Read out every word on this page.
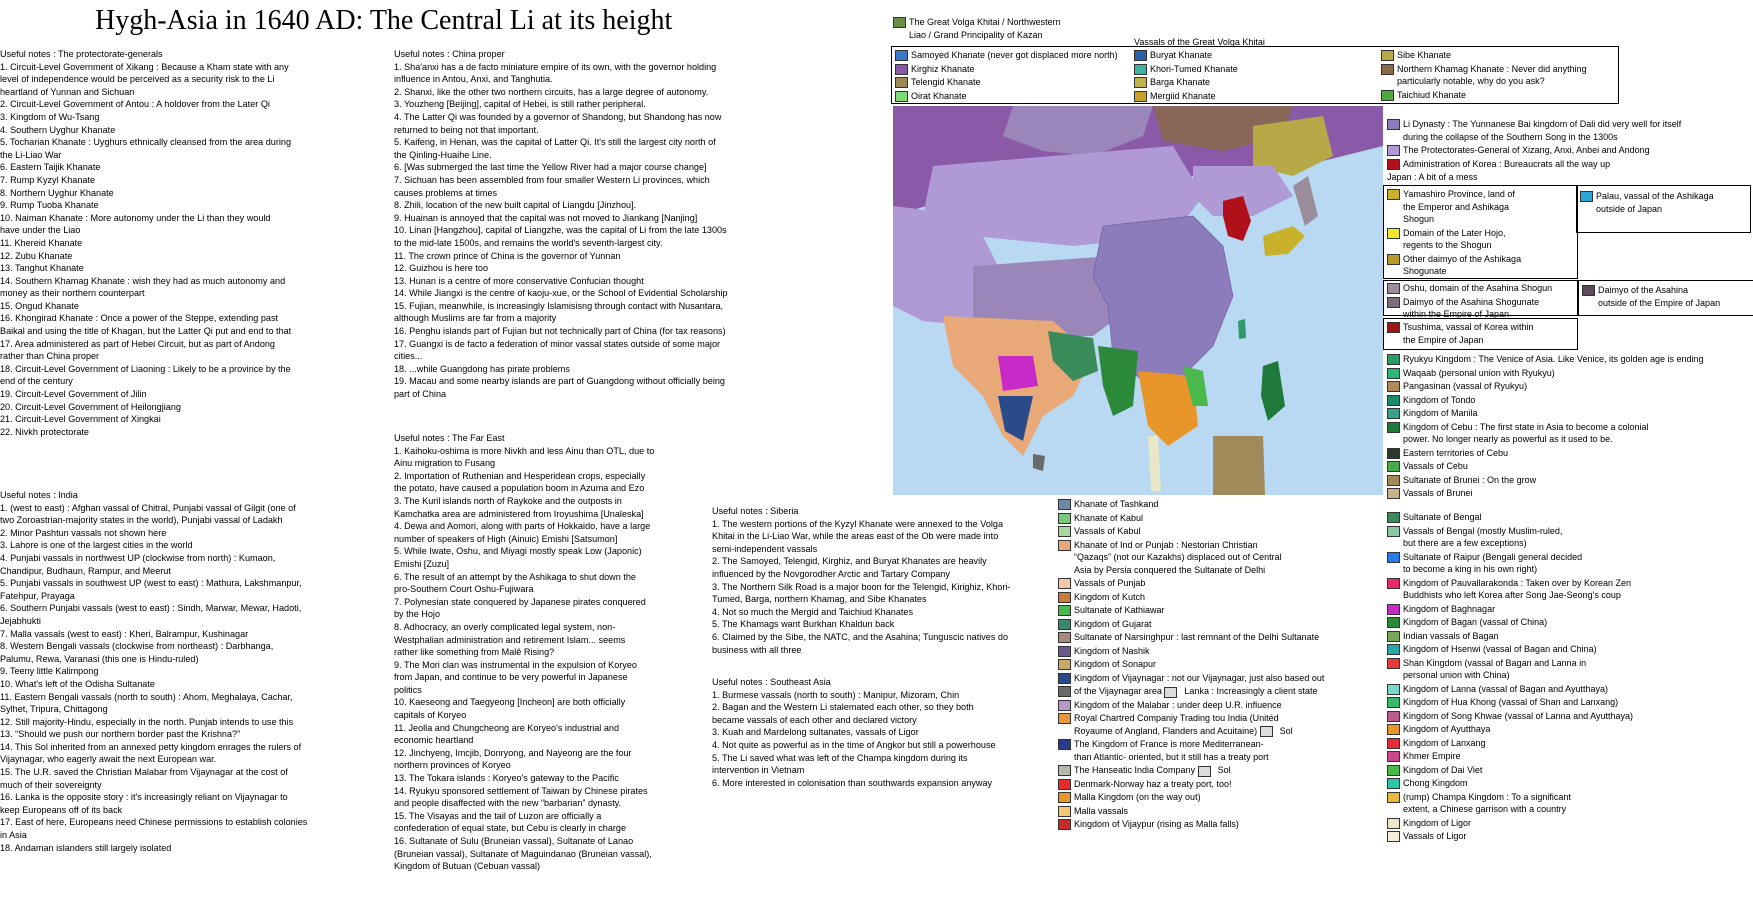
Hygh-Asia in 1640 AD: The Central Li at its height
Useful notes : The protectorate-generals
1. Circuit-Level Government of Xikang : Because a Kham state with any
level of independence would be perceived as a security risk to the Li
heartland of Yunnan and Sichuan
2. Circuit-Level Government of Antou : A holdover from the Later Qi
3. Kingdom of Wu-Tsang
4. Southern Uyghur Khanate
5. Tocharian Khanate : Uyghurs ethnically cleansed from the area during
the Li-Liao War
6. Eastern Taijik Khanate
7. Rump Kyzyl Khanate
8. Northern Uyghur Khanate
9. Rump Tuoba Khanate
10. Naiman Khanate : More autonomy under the Li than they would
have under the Liao
11. Khereid Khanate
12. Zubu Khanate
13. Tanghut Khanate
14. Southern Khamag Khanate : wish they had as much autonomy and
money as their northern counterpart
15. Ongud Khanate
16. Khongirad Khanate : Once a power of the Steppe, extending past
Baikal and using the title of Khagan, but the Latter Qi put and end to that
17. Area administered as part of Hebei Circuit, but as part of Andong
rather than China proper
18. Circuit-Level Government of Liaoning : Likely to be a province by the
end of the century
19. Circuit-Level Government of Jilin
20. Circuit-Level Government of Heilongjiang
21. Circuit-Level Government of Xingkai
22. Nivkh protectorate
Useful notes : India
1. (west to east) : Afghan vassal of Chitral, Punjabi vassal of Gilgit (one of
two Zoroastrian-majority states in the world), Punjabi vassal of Ladakh
2. Minor Pashtun vassals not shown here
3. Lahore is one of the largest cities in the world
4. Punjabi vassals in northwest UP (clockwise from north) : Kumaon,
Chandipur, Budhaun, Rampur, and Meerut
5. Punjabi vassals in southwest UP (west to east) : Mathura, Lakshmanpur,
Fatehpur, Prayaga
6. Southern Punjabi vassals (west to east) : Sindh, Marwar, Mewar, Hadoti,
Jejabhukti
7. Malla vassals (west to east) : Kheri, Balrampur, Kushinagar
8. Western Bengali vassals (clockwise from northeast) : Darbhanga,
Palumu, Rewa, Varanasi (this one is Hindu-ruled)
9. Teeny little Kalimpong
10. What's left of the Odisha Sultanate
11. Eastern Bengali vassals (north to south) : Ahom, Meghalaya, Cachar,
Sylhet, Tripura, Chittagong
12. Still majority-Hindu, especially in the north. Punjab intends to use this
13. “Should we push our northern border past the Krishna?”
14. This Sol inherited from an annexed petty kingdom enrages the rulers of
Vijaynagar, who eagerly await the next European war.
15. The U.R. saved the Christian Malabar from Vijaynagar at the cost of
much of their sovereignty
16. Lanka is the opposite story : it's increasingly reliant on Vijaynagar to
keep Europeans off of its back
17. East of here, Europeans need Chinese permissions to establish colonies
in Asia
18. Andaman islanders still largely isolated
Useful notes : China proper
1. Sha'anxi has a de facto miniature empire of its own, with the governor holding
influence in Antou, Anxi, and Tanghutia.
2. Shanxi, like the other two northern circuits, has a large degree of autonomy.
3. Youzheng [Beijing], capital of Hebei, is still rather peripheral.
4. The Latter Qi was founded by a governor of Shandong, but Shandong has now
returned to being not that important.
5. Kaifeng, in Henan, was the capital of Latter Qi. It's still the largest city north of
the Qinling-Huaihe Line.
6. [Was submerged the last time the Yellow River had a major course change]
7. Sichuan has been assembled from four smaller Western Li provinces, which
causes problems at times
8. Zhili, location of the new built capital of Liangdu [Jinzhou].
9. Huainan is annoyed that the capital was not moved to Jiankang [Nanjing]
10. Linan [Hangzhou], capital of Liangzhe, was the capital of Li from the late 1300s
to the mid-late 1500s, and remains the world's seventh-largest city.
11. The crown prince of China is the governor of Yunnan
12. Guizhou is here too
13. Hunan is a centre of more conservative Confucian thought
14. While Jiangxi is the centre of kaoju-xue, or the School of Evidential Scholarship
15. Fujian, meanwhile, is increasingly Islamisisng through contact with Nusantara,
although Muslims are far from a majority
16. Penghu islands part of Fujian but not technically part of China (for tax reasons)
17. Guangxi is de facto a federation of minor vassal states outside of some major
cities...
18. ...while Guangdong has pirate problems
19. Macau and some nearby islands are part of Guangdong without officially being
part of China
Useful notes : The Far East
1. Kaihoku-oshima is more Nivkh and less Ainu than OTL, due to
Ainu migration to Fusang
2. Importation of Ruthenian and Hesperidean crops, especially
the potato, have caused a population boom in Azuma and Ezo
3. The Kuril islands north of Raykoke and the outposts in
Kamchatka area are administered from Iroyushima [Unaleska]
4. Dewa and Aomori, along with parts of Hokkaido, have a large
number of speakers of High (Ainuic) Emishi [Satsumon]
5. While Iwate, Oshu, and Miyagi mostly speak Low (Japonic)
Emishi [Zuzu]
6. The result of an attempt by the Ashikaga to shut down the
pro-Southern Court Oshu-Fujiwara
7. Polynesian state conquered by Japanese pirates conquered
by the Hojo
8. Adhocracy, an overly complicated legal system, non-
Westphalian administration and retirement Islam... seems
rather like something from Malê Rising?
9. The Mori clan was instrumental in the expulsion of Koryeo
from Japan, and continue to be very powerful in Japanese
politics
10. Kaeseong and Taegyeong [Incheon] are both officially
capitals of Koryeo
11. Jeolla and Chungcheong are Koryeo's industrial and
economic heartland
12. Jinchyeng, Imcjib, Donryong, and Nayeong are the four
northern provinces of Koryeo
13. The Tokara islands : Koryeo's gateway to the Pacific
14. Ryukyu sponsored settlement of Taiwan by Chinese pirates
and people disaffected with the new “barbarian” dynasty.
15. The Visayas and the tail of Luzon are officially a
confederation of equal state, but Cebu is clearly in charge
16. Sultanate of Sulu (Bruneian vassal), Sultanate of Lanao
(Bruneian vassal), Sultanate of Maguindanao (Bruneian vassal),
Kingdom of Butuan (Cebuan vassal)
Useful notes : Siberia
1. The western portions of the Kyzyl Khanate were annexed to the Volga
Khitai in the Li-Liao War, while the areas east of the Ob were made into
semi-independent vassals
2. The Samoyed, Telengid, Kirghiz, and Buryat Khanates are heavily
influenced by the Novgorodher Arctic and Tartary Company
3. The Northern Silk Road is a major boon for the Telengid, Kirighiz, Khori-
Tumed, Barga, northern Khamag, and Sibe Khanates
4. Not so much the Mergid and Taichiud Khanates
5. The Khamags want Burkhan Khaldun back
6. Claimed by the Sibe, the NATC, and the Asahina; Tunguscic natives do
business with all three
Useful notes : Southeast Asia
1. Burmese vassals (north to south) : Manipur, Mizoram, Chin
2. Bagan and the Western Li stalemated each other, so they both
became vassals of each other and declared victory
3. Kuah and Mardelong sultanates, vassals of Ligor
4. Not quite as powerful as in the time of Angkor but still a powerhouse
5. The Li saved what was left of the Champa kingdom during its
intervention in Vietnam
6. More interested in colonisation than southwards expansion anyway
The Great Volga Khitai / Northwestern
Liao / Grand Principality of Kazan
Vassals of the Great Volga Khitai
Samoyed Khanate (never got displaced more north)
Kirghiz Khanate
Telengid Khanate
Oirat Khanate
Buryat Khanate
Khori-Tumed Khanate
Barga Khanate
Mergiid Khanate
Sibe Khanate
Northern Khamag Khanate : Never did anything
particularly notable, why do you ask?
Taichiud Khanate
Li Dynasty : The Yunnanese Bai kingdom of Dali did very well for itself
during the collapse of the Southern Song in the 1300s
The Protectorates-General of Xizang, Anxi, Anbei and Andong
Administration of Korea : Bureaucrats all the way up
Japan : A bit of a mess
Yamashiro Province, land of
the Emperor and Ashikaga
Shogun
Domain of the Later Hojo,
regents to the Shogun
Other daimyo of the Ashikaga
Shogunate
Palau, vassal of the Ashikaga
outside of Japan
Oshu, domain of the Asahina Shogun
Daimyo of the Asahina Shogunate
within the Empire of Japan
Daimyo of the Asahina
outside of the Empire of Japan
Tsushima, vassal of Korea within
the Empire of Japan
Ryukyu Kingdom : The Venice of Asia. Like Venice, its golden age is ending
Waqaab (personal union with Ryukyu)
Pangasinan (vassal of Ryukyu)
Kingdom of Tondo
Kingdom of Manila
Kingdom of Cebu : The first state in Asia to become a colonial
power. No longer nearly as powerful as it used to be.
Eastern territories of Cebu
Vassals of Cebu
Sultanate of Brunei : On the grow
Vassals of Brunei
Khanate of Tashkand
Khanate of Kabul
Vassals of Kabul
Khanate of Ind or Punjab : Nestorian Christian
“Qazaqs” (not our Kazakhs) displaced out of Central
Asia by Persia conquered the Sultanate of Delhi
Vassals of Punjab
Kingdom of Kutch
Sultanate of Kathiawar
Kingdom of Gujarat
Sultanate of Narsinghpur : last remnant of the Delhi Sultanate
Kingdom of Nashik
Kingdom of Sonapur
Kingdom of Vijaynagar : not our Vijaynagar, just also based out
of the Vijaynagar area	Lanka : Increasingly a client state
Kingdom of the Malabar : under deep U.R. influence
Royal Chartred Companiy Trading tou India (Unitéd
Royaume of Angland, Flanders and Acuitaine)	Sol
The Kingdom of France is more Mediterranean-
than Atlantic- oriented, but it still has a treaty port
The Hanseatic India Company	Sol
Denmark-Norway haz a treaty port, too!
Malla Kingdom (on the way out)
Malla vassals
Kingdom of Vijaypur (rising as Malla falls)
Sultanate of Bengal
Vassals of Bengal (mostly Muslim-ruled,
but there are a few exceptions)
Sultanate of Raipur (Bengali general decided
to become a king in his own right)
Kingdom of Pauvallarakonda : Taken over by Korean Zen
Buddhists who left Korea after Song Jae-Seong's coup
Kingdom of Baghnagar
Kingdom of Bagan (vassal of China)
Indian vassals of Bagan
Kingdom of Hsenwi (vassal of Bagan and China)
Shan Kingdom (vassal of Bagan and Lanna in
personal union with China)
Kingdom of Lanna (vassal of Bagan and Ayutthaya)
Kingdom of Hua Khong (vassal of Shan and Lanxang)
Kingdom of Song Khwae (vassal of Lanna and Ayutthaya)
Kingdom of Ayutthaya
Kingdom of Lanxang
Khmer Empire
Kingdom of Dai Viet
Chong Kingdom
(rump) Champa Kingdom : To a significant
extent, a Chinese garrison with a country
Kingdom of Ligor
Vassals of Ligor
